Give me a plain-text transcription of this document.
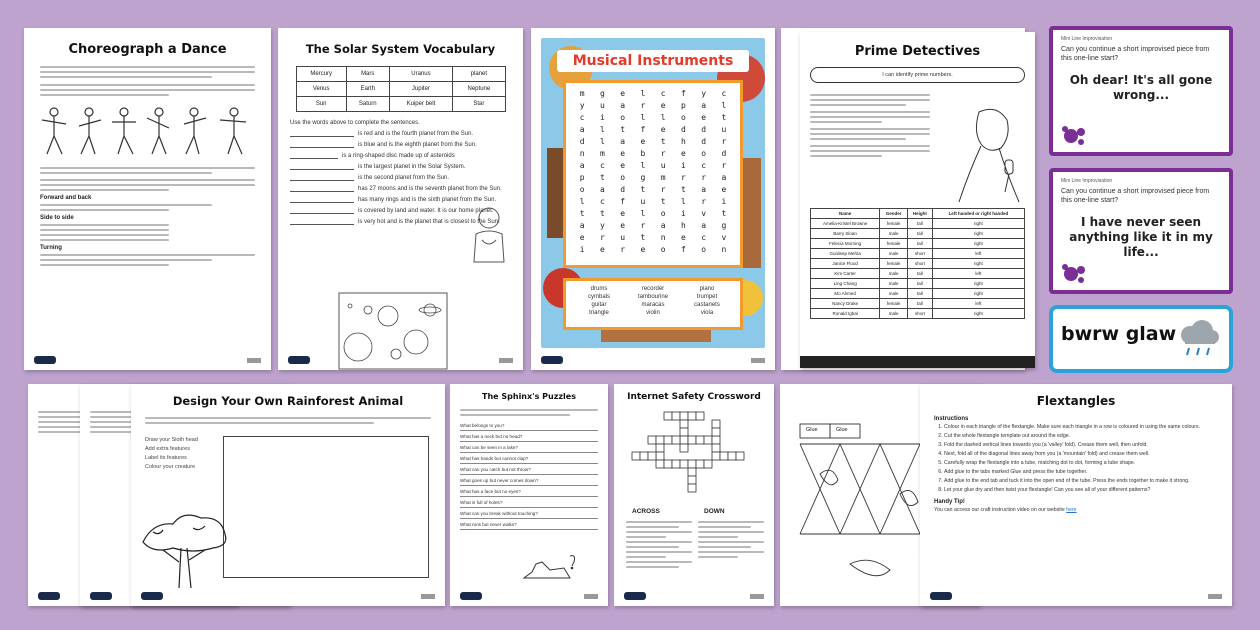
Choreograph a Dance
Forward and back
Side to side
Turning
The Solar System Vocabulary
Mercury	Mars	Uranus	planet
Venus	Earth	Jupiter	Neptune
Sun	Saturn	Kuiper belt	Star
Use the words above to complete the sentences.
is red and is the fourth planet from the Sun.
is blue and is the eighth planet from the Sun.
is a ring-shaped disc made up of asteroids
is the largest planet in the Solar System.
is the second planet from the Sun.
has 27 moons and is the seventh planet from the Sun.
has many rings and is the sixth planet from the Sun.
is covered by land and water. It is our home planet.
is very hot and is the planet that is closest to the Sun.
Musical Instruments
m	g	e	l	c	f	y	c
y	u	a	r	e	p	a	l
c	i	o	l	l	o	e	t
a	l	t	f	e	d	d	u
d	l	a	e	t	h	d	r
n	m	e	b	r	e	o	d
a	c	e	l	u	i	c	r
p	t	o	g	m	r	r	a
o	a	d	t	r	t	a	e
l	c	f	u	t	l	r	i
t	t	e	l	o	i	v	t
a	y	e	r	a	h	a	g
e	r	u	t	n	e	c	v
i	e	r	e	o	f	o	n
drums	recorder	piano
cymbals	tambourine	trumpet
guitar	maracas	castanets
triangle	violin	viola
Prime Detectives
I can identify prime numbers.
Name	Gender	Height	Left handed or right handed
Amelia-Kristel Browne	female	tall	right
Barry Sloan	male	tall	right
Felecia Morning	female	tall	right
Gurdeep Mehta	male	short	left
Janice Flood	female	short	right
Kim Carter	male	tall	left
Ling Chang	male	tall	right
Mo Ahmed	male	tall	right
Nancy Drake	female	tall	left
Ronald Igbal	male	short	right
Mini Line Improvisation
Can you continue a short improvised piece from this one-line start?
Oh dear! It's all gone wrong...
Mini Line Improvisation
Can you continue a short improvised piece from this one-line start?
I have never seen anything like it in my life...
bwrw glaw
Design Your Own Rainforest Animal
Draw your Sloth head
Add extra features
Label its features
Colour your creature
The Sphinx's Puzzles
What belongs to you?
What has a neck but no head?
What can be seen in a lake?
What has hands but cannot clap?
What can you catch but not throw?
What goes up but never comes down?
What has a face but no eyes?
What is full of holes?
What can you break without touching?
What runs but never walks?
Internet Safety Crossword
ACROSS	DOWN
Glue	Glue
Flextangles
Instructions
1. Colour in each triangle of the flextangle. Make sure each triangle in a row is coloured in using the same colours.
2. Cut the whole flextangle template out around the edge.
3. Fold the dashed vertical lines towards you (a 'valley' fold). Crease them well, then unfold.
4. Next, fold all of the diagonal lines away from you (a 'mountain' fold) and crease them well.
5. Carefully wrap the flextangle into a tube, matching dot to dot, forming a tube shape.
6. Add glue to the tabs marked Glue and press the tube together.
7. Add glue to the end tab and tuck it into the open end of the tube. Press the ends together to make it strong.
8. Let your glue dry and then twist your flextangle! Can you see all of your different patterns?
Handy Tip!
You can access our craft instruction video on our website here
